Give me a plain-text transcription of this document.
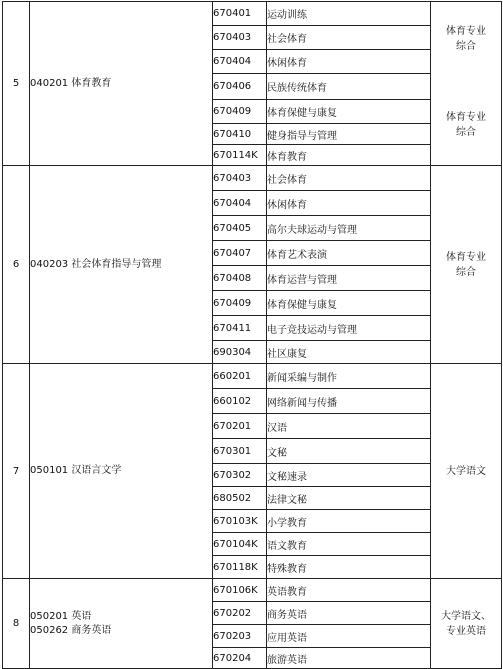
5	040201 体育教育	670401	运动训练	体育专业
综合
体育专业
综合

		670403	社会体育	
		670404	休闲体育	
		670406	民族传统体育	
		670409	体育保健与康复	
		670410	健身指导与管理	
		670114K	体育教育	
6	040203 社会体育指导与管理	670403	社会体育	体育专业
综合

		670404	休闲体育	
		670405	高尔夫球运动与管理	
		670407	体育艺术表演	
		670408	体育运营与管理	
		670409	体育保健与康复	
		670411	电子竞技运动与管理	
		690304	社区康复	
7	050101 汉语言文学	660201	新闻采编与制作	大学语文

		660102	网络新闻与传播	
		670201	汉语	
		670301	文秘	
		670302	文秘速录	
		680502	法律文秘	
		670103K	小学教育	
		670104K	语文教育	
		670118K	特殊教育	
8	050201 英语
050262 商务英语	670106K	英语教育	大学语文、
专业英语

		670202	商务英语	
		670203	应用英语	
		670204	旅游英语	
